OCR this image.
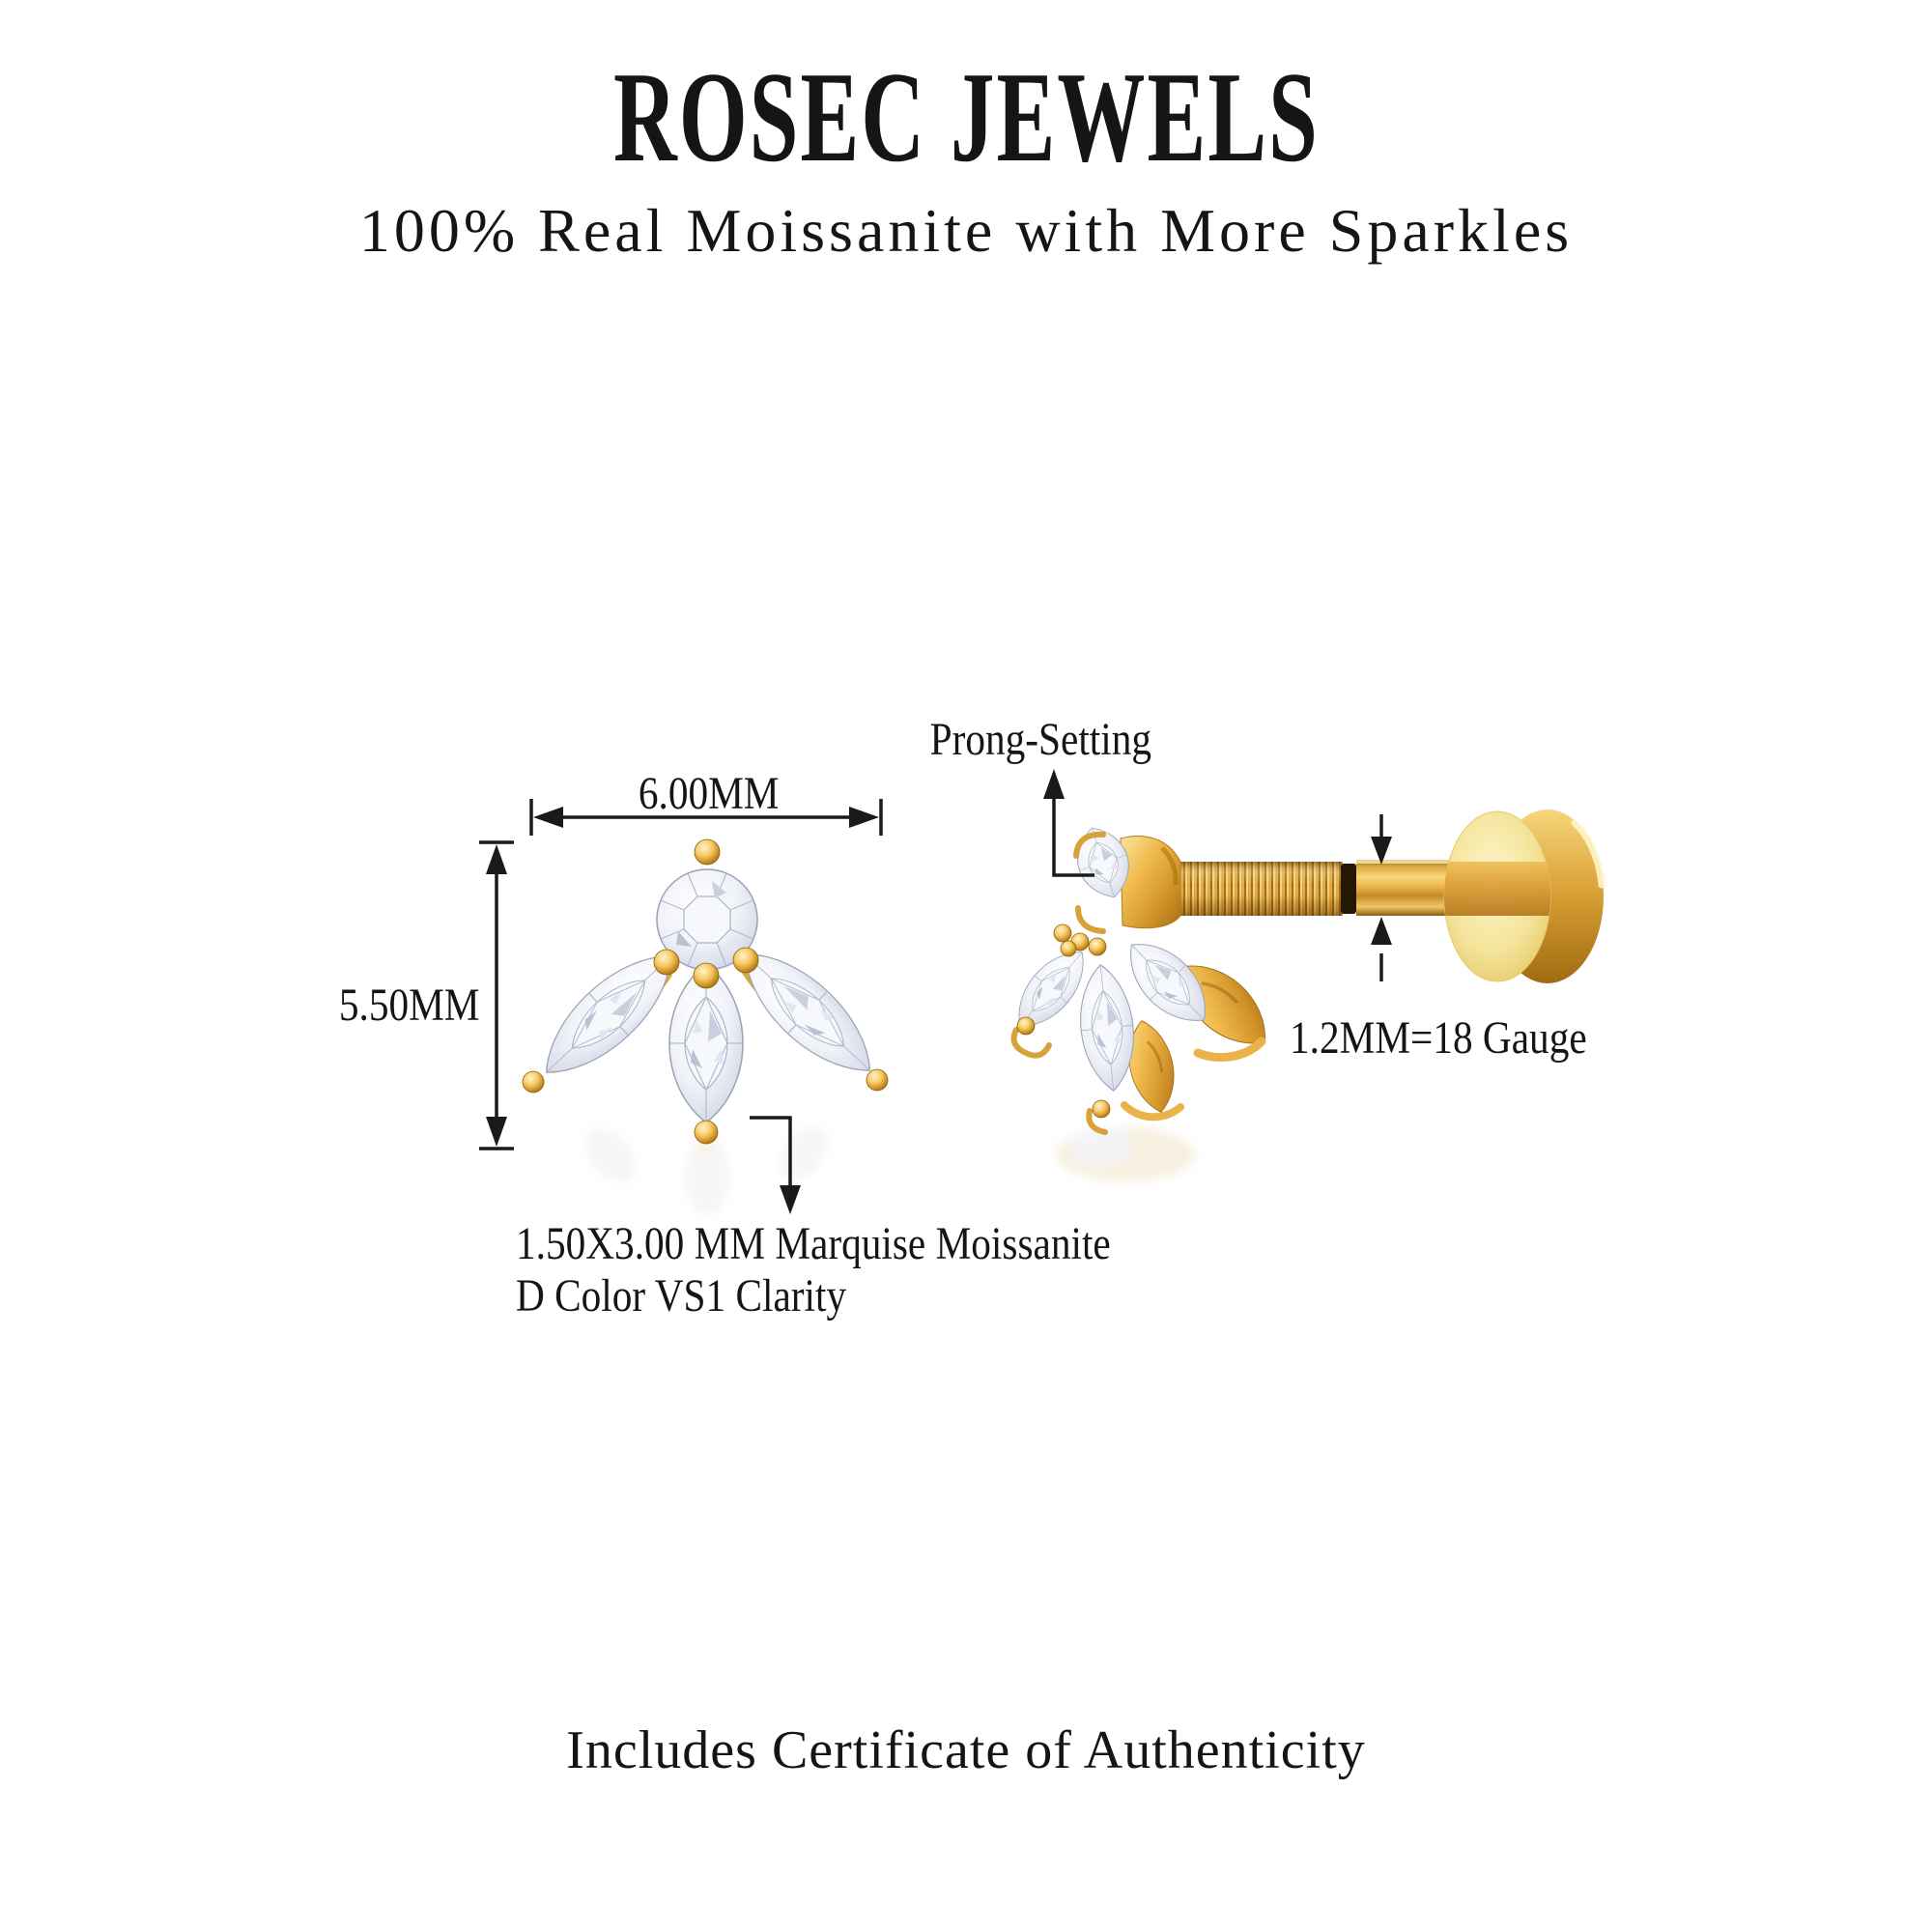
ROSEC JEWELS
100% Real Moissanite with More Sparkles
6.00MM
5.50MM
Prong-Setting
1.2MM=18 Gauge
1.50X3.00 MM Marquise Moissanite
D Color VS1 Clarity
Includes Certificate of Authenticity
